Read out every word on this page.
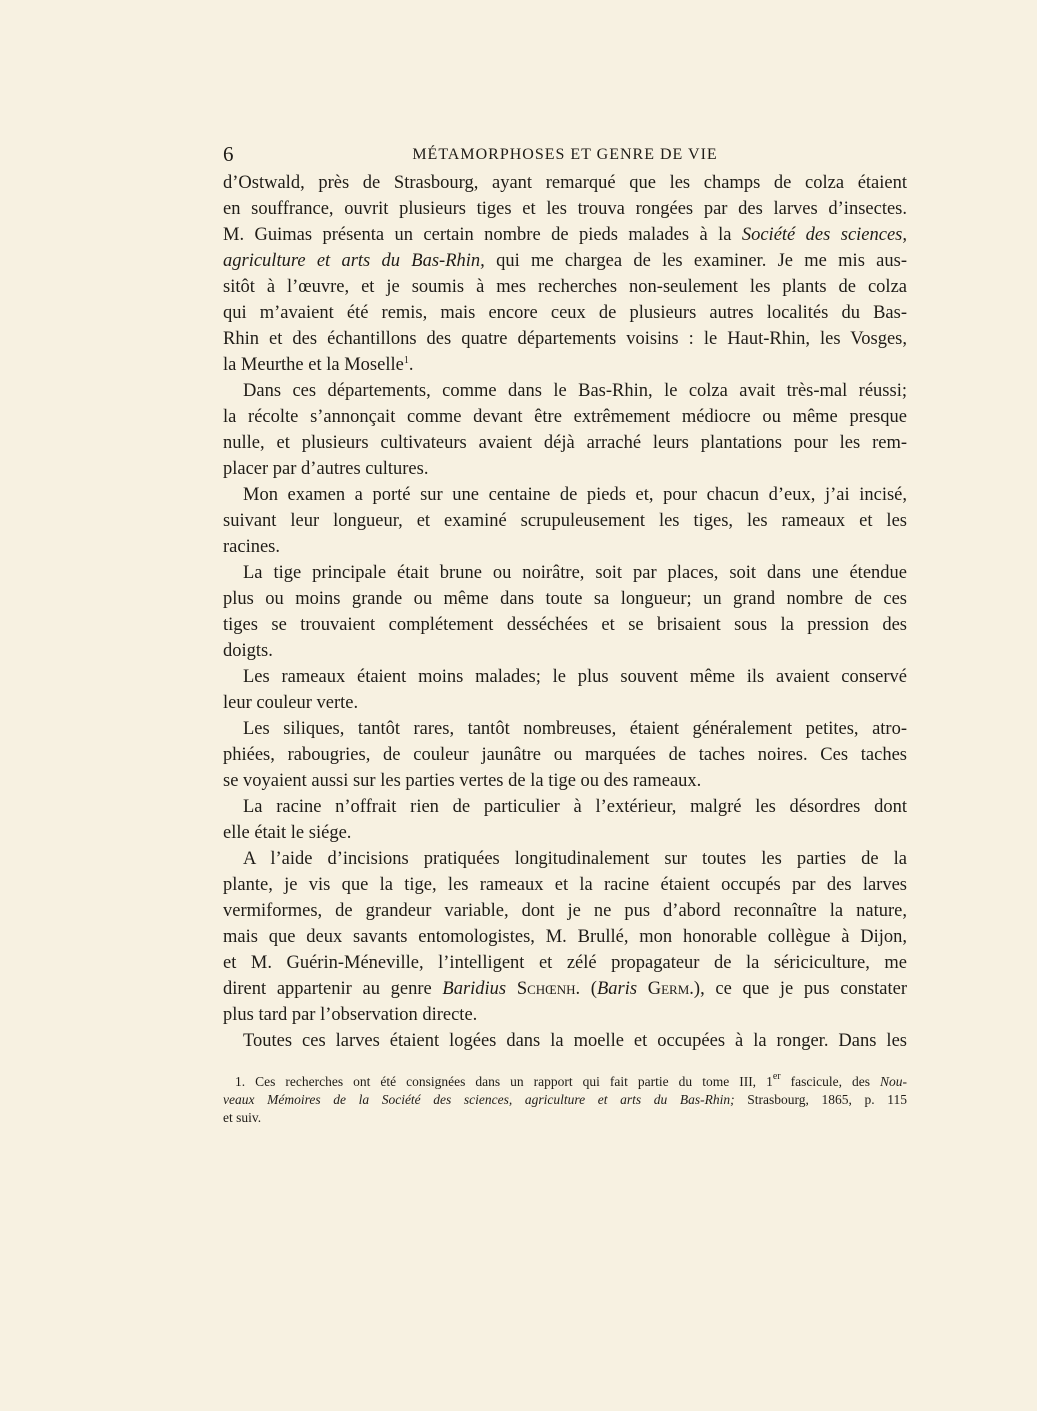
6	MÉTAMORPHOSES ET GENRE DE VIE
d’Ostwald, près de Strasbourg, ayant remarqué que les champs de colza étaient
en souffrance, ouvrit plusieurs tiges et les trouva rongées par des larves d’insectes.
M. Guimas présenta un certain nombre de pieds malades à la Société des sciences,
agriculture et arts du Bas-Rhin, qui me chargea de les examiner. Je me mis aus-
sitôt à l’œuvre, et je soumis à mes recherches non-seulement les plants de colza
qui m’avaient été remis, mais encore ceux de plusieurs autres localités du Bas-
Rhin et des échantillons des quatre départements voisins : le Haut-Rhin, les Vosges,
la Meurthe et la Moselle$^1$.
Dans ces départements, comme dans le Bas-Rhin, le colza avait très-mal réussi;
la récolte s’annonçait comme devant être extrêmement médiocre ou même presque
nulle, et plusieurs cultivateurs avaient déjà arraché leurs plantations pour les rem-
placer par d’autres cultures.
Mon examen a porté sur une centaine de pieds et, pour chacun d’eux, j’ai incisé,
suivant leur longueur, et examiné scrupuleusement les tiges, les rameaux et les
racines.
La tige principale était brune ou noirâtre, soit par places, soit dans une étendue
plus ou moins grande ou même dans toute sa longueur; un grand nombre de ces
tiges se trouvaient complétement desséchées et se brisaient sous la pression des
doigts.
Les rameaux étaient moins malades; le plus souvent même ils avaient conservé
leur couleur verte.
Les siliques, tantôt rares, tantôt nombreuses, étaient généralement petites, atro-
phiées, rabougries, de couleur jaunâtre ou marquées de taches noires. Ces taches
se voyaient aussi sur les parties vertes de la tige ou des rameaux.
La racine n’offrait rien de particulier à l’extérieur, malgré les désordres dont
elle était le siége.
A l’aide d’incisions pratiquées longitudinalement sur toutes les parties de la
plante, je vis que la tige, les rameaux et la racine étaient occupés par des larves
vermiformes, de grandeur variable, dont je ne pus d’abord reconnaître la nature,
mais que deux savants entomologistes, M. Brullé, mon honorable collègue à Dijon,
et M. Guérin-Méneville, l’intelligent et zélé propagateur de la sériciculture, me
dirent appartenir au genre Baridius Schœnh. (Baris Germ.), ce que je pus constater
plus tard par l’observation directe.
Toutes ces larves étaient logées dans la moelle et occupées à la ronger. Dans les
1. Ces recherches ont été consignées dans un rapport qui fait partie du tome III, 1er fascicule, des Nou-
veaux Mémoires de la Société des sciences, agriculture et arts du Bas-Rhin; Strasbourg, 1865, p. 115
et suiv.
